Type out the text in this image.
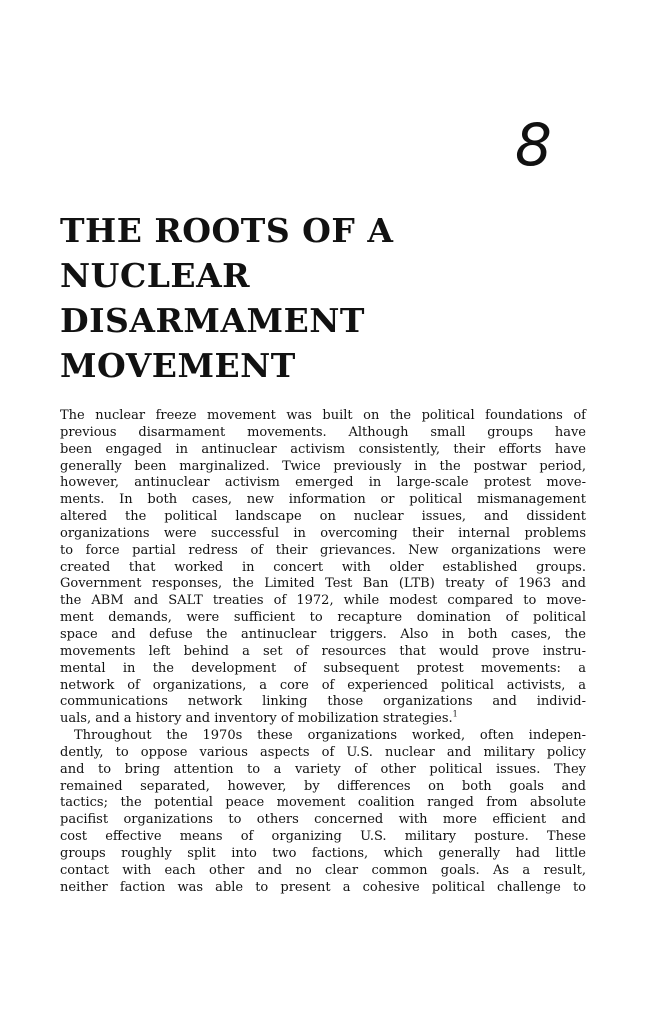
8
THE ROOTS OF A
NUCLEAR
DISARMAMENT
MOVEMENT
The nuclear freeze movement was built on the political foundations of
previous disarmament movements. Although small groups have
been engaged in antinuclear activism consistently, their efforts have
generally been marginalized. Twice previously in the postwar period,
however, antinuclear activism emerged in large-scale protest move-
ments. In both cases, new information or political mismanagement
altered the political landscape on nuclear issues, and dissident
organizations were successful in overcoming their internal problems
to force partial redress of their grievances. New organizations were
created that worked in concert with older established groups.
Government responses, the Limited Test Ban (LTB) treaty of 1963 and
the ABM and SALT treaties of 1972, while modest compared to move-
ment demands, were sufficient to recapture domination of political
space and defuse the antinuclear triggers. Also in both cases, the
movements left behind a set of resources that would prove instru-
mental in the development of subsequent protest movements: a
network of organizations, a core of experienced political activists, a
communications network linking those organizations and individ-
uals, and a history and inventory of mobilization strategies.$^1$
Throughout the 1970s these organizations worked, often indepen-
dently, to oppose various aspects of U.S. nuclear and military policy
and to bring attention to a variety of other political issues. They
remained separated, however, by differences on both goals and
tactics; the potential peace movement coalition ranged from absolute
pacifist organizations to others concerned with more efficient and
cost effective means of organizing U.S. military posture. These
groups roughly split into two factions, which generally had little
contact with each other and no clear common goals. As a result,
neither faction was able to present a cohesive political challenge to
